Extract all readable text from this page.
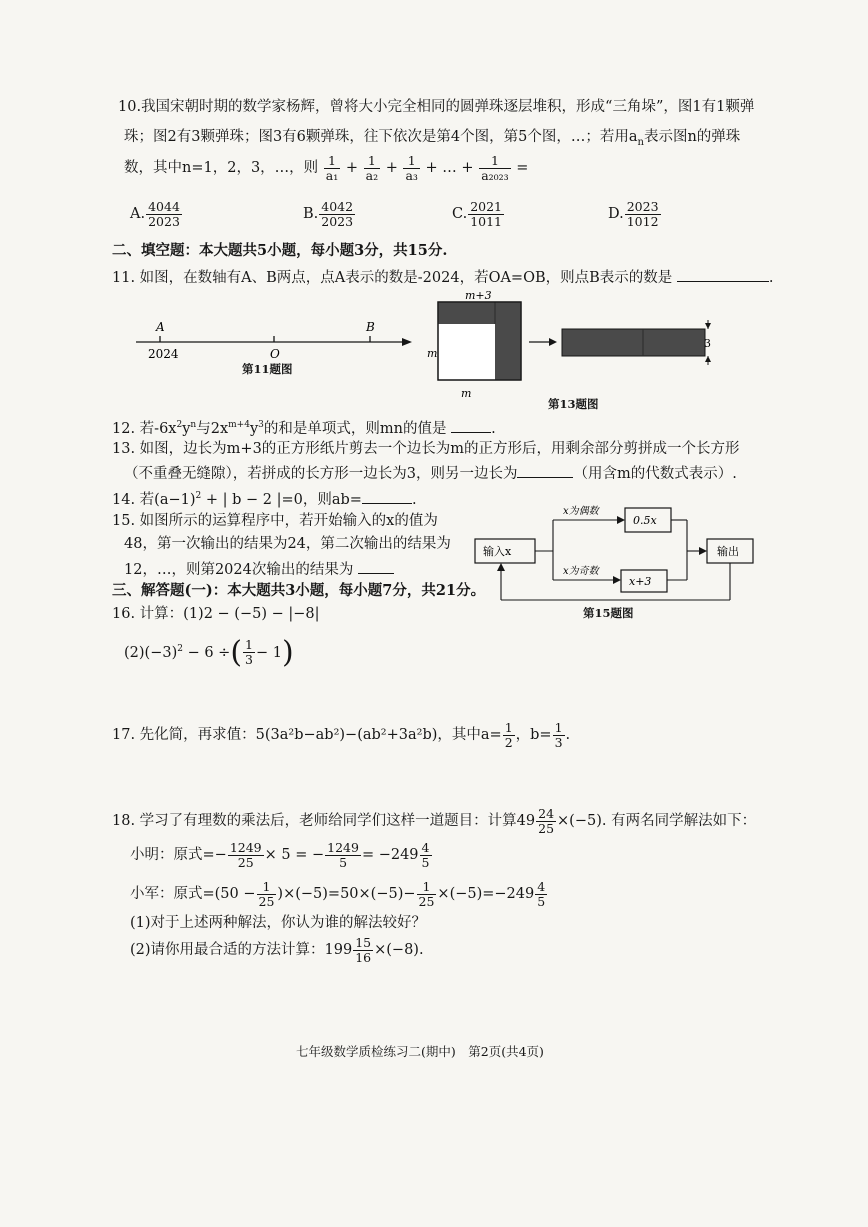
10.我国宋朝时期的数学家杨辉，曾将大小完全相同的圆弹珠逐层堆积，形成“三角垛”，图1有1颗弹
珠；图2有3颗弹珠；图3有6颗弹珠，往下依次是第4个图，第5个图，…；若用$a_n$表示图n的弹珠
数，其中n=1，2，3，…，则 $\frac{1}{\text{a₁}} + \frac{1}{\text{a₂}} + \frac{1}{\text{a₃}}$ + … + $\frac{1}{\text{a₂₀₂₃}}$ =
A. $\frac{4044}{2023}$	B. $\frac{4042}{2023}$	C. $\frac{2021}{1011}$	D. $\frac{2023}{1012}$
二、填空题：本大题共5小题，每小题3分，共15分.
11. 如图，在数轴有A、B两点，点A表示的数是-2024，若OA=OB，则点B表示的数是	.
A
O
B
2024
第11题图
m+3
m
m
3
第13题图
12. 若$-6x^2y^n$与$2x^{m+4}y^3$的和是单项式，则mn的值是	.
13. 如图，边长为m+3的正方形纸片剪去一个边长为m的正方形后，用剩余部分剪拼成一个长方形
（不重叠无缝隙），若拼成的长方形一边长为3，则另一边长为	（用含m的代数式表示）.
14. 若$(a-1)^2$ + | b − 2 |=0，则ab=	.
15. 如图所示的运算程序中，若开始输入的x的值为
48，第一次输出的结果为24，第二次输出的结果为
12，…，则第2024次输出的结果为
输入x
x为偶数
x为奇数
0.5x
x+3
输出
第15题图
三、解答题(一)：本大题共3小题，每小题7分，共21分。
16. 计算：(1)2 − (−5) − |−8|
$(2)(-3)^2 - 6$ ÷( $\frac{1}{3} - 1$)
17. 先化简，再求值：5(3a²b−ab²)−(ab²+3a²b)，其中$a= \frac{1}{2}$ ，$b= \frac{1}{3}$ .
18. 学习了有理数的乘法后，老师给同学们这样一道题目：计算$49 \frac{24}{25} \times(-5)$. 有两名同学解法如下：
小明：原式=− $\frac{1249}{25} \times 5$ = − $\frac{1249}{5} = -249 \frac{4}{5}$
小军：原式$=(50 - \frac{1}{25} )\times(-5)=50\times(-5)- \frac{1}{25} \times(-5)=-249 \frac{4}{5}$
(1)对于上述两种解法，你认为谁的解法较好？
(2)请你用最合适的方法计算：$199 \frac{15}{16} \times(-8)$.
七年级数学质检练习二(期中)　第2页(共4页)
